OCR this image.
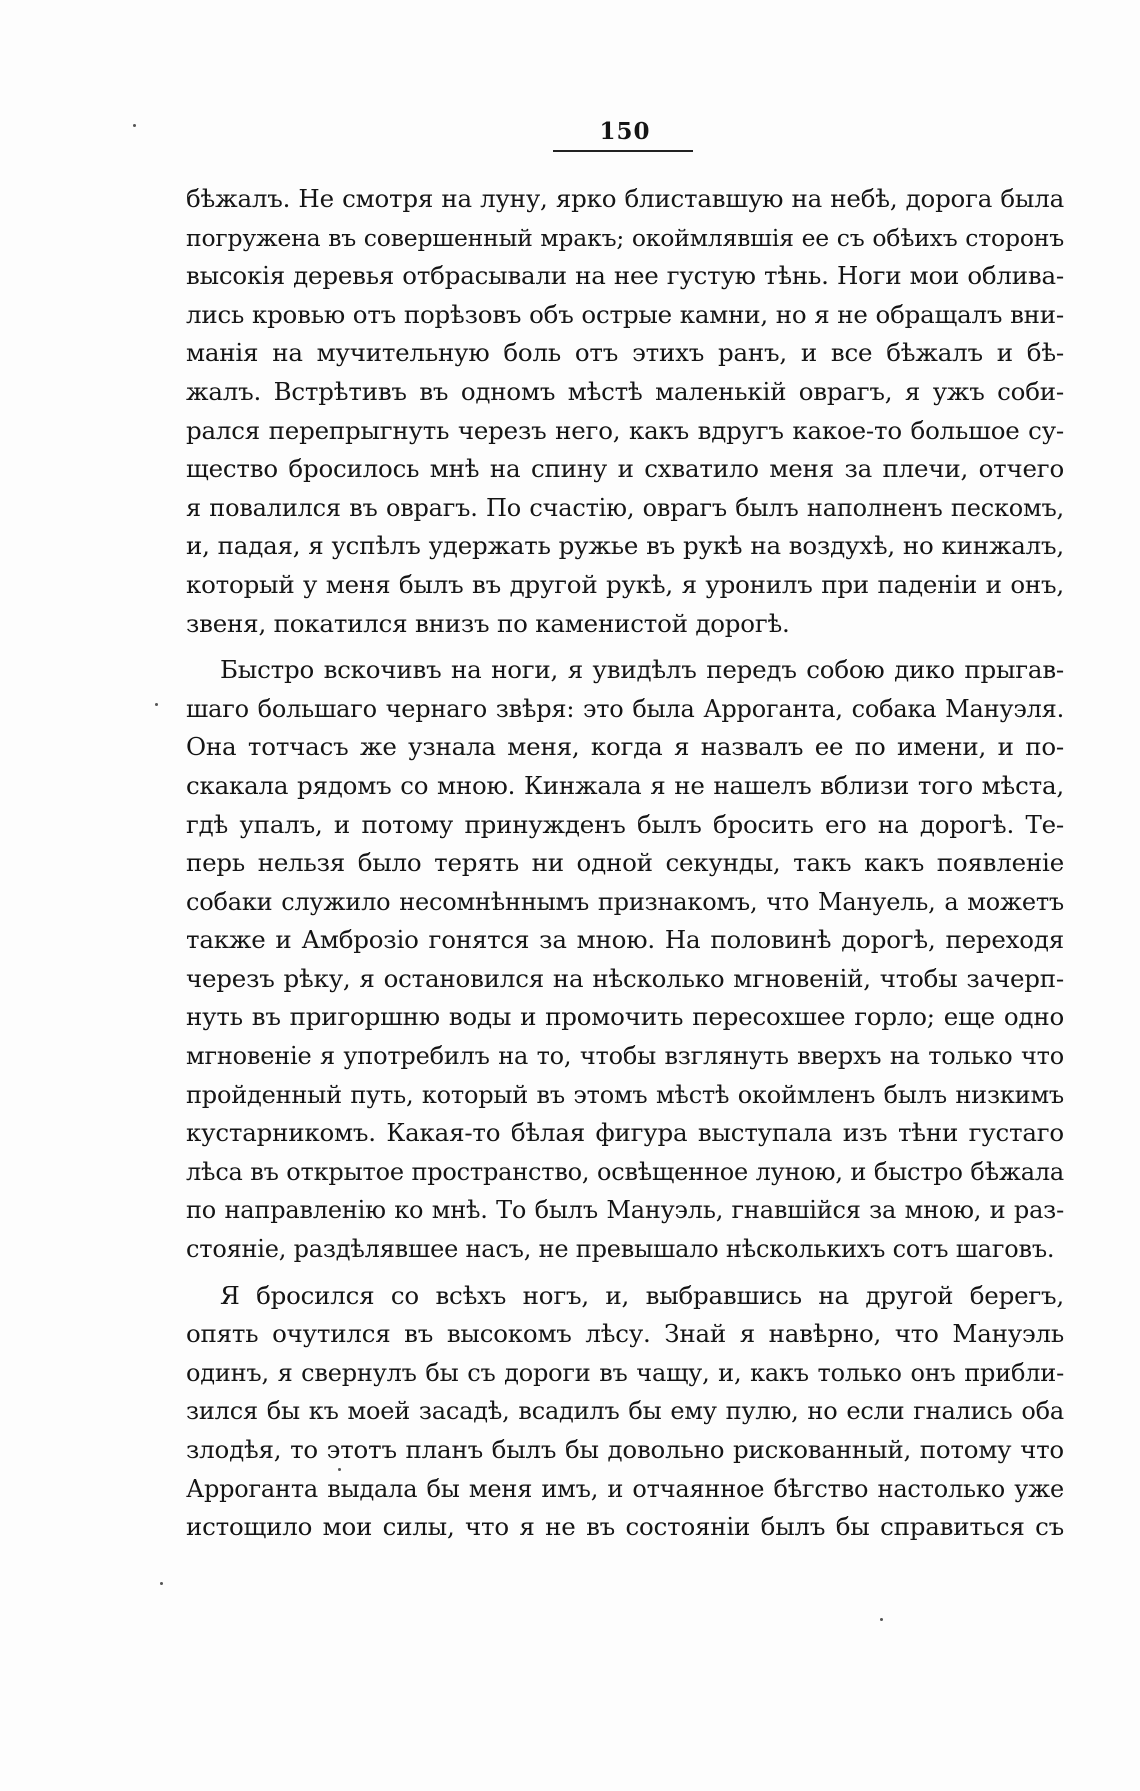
150
бѣжалъ. Не смотря на луну, ярко блиставшую на небѣ, дорога была
погружена въ совершенный мракъ; окоймлявшія ее съ обѣихъ сторонъ
высокія деревья отбрасывали на нее густую тѣнь. Ноги мои облива-
лись кровью отъ порѣзовъ объ острые камни, но я не обращалъ вни-
манія на мучительную боль отъ этихъ ранъ, и все бѣжалъ и бѣ-
жалъ. Встрѣтивъ въ одномъ мѣстѣ маленькій оврагъ, я ужъ соби-
рался перепрыгнуть черезъ него, какъ вдругъ какое-то большое су-
щество бросилось мнѣ на спину и схватило меня за плечи, отчего
я повалился въ оврагъ. По счастію, оврагъ былъ наполненъ пескомъ,
и, падая, я успѣлъ удержать ружье въ рукѣ на воздухѣ, но кинжалъ,
который у меня былъ въ другой рукѣ, я уронилъ при паденіи и онъ,
звеня, покатился внизъ по каменистой дорогѣ.
Быстро вскочивъ на ноги, я увидѣлъ передъ собою дико прыгав-
шаго большаго чернаго звѣря: это была Аррогантa, собака Мануэля.
Она тотчасъ же узнала меня, когда я назвалъ ее по имени, и по-
скакала рядомъ со мною. Кинжала я не нашелъ вблизи того мѣста,
гдѣ упалъ, и потому принужденъ былъ бросить его на дорогѣ. Те-
перь нельзя было терять ни одной секунды, такъ какъ появленіе
собаки служило несомнѣннымъ признакомъ, что Мануель, а можетъ
также и Амброзіо гонятся за мною. На половинѣ дорогѣ, переходя
черезъ рѣку, я остановился на нѣсколько мгновеній, чтобы зачерп-
нуть въ пригоршню воды и промочить пересохшее горло; еще одно
мгновеніе я употребилъ на то, чтобы взглянуть вверхъ на только что
пройденный путь, который въ этомъ мѣстѣ окоймленъ былъ низкимъ
кустарникомъ. Какая-то бѣлая фигура выступала изъ тѣни густаго
лѣса въ открытое пространство, освѣщенное луною, и быстро бѣжала
по направленію ко мнѣ. То былъ Мануэль, гнавшійся за мною, и раз-
стояніе, раздѣлявшее насъ, не превышало нѣсколькихъ сотъ шаговъ.
Я бросился со всѣхъ ногъ, и, выбравшись на другой берегъ,
опять очутился въ высокомъ лѣсу. Знай я навѣрно, что Мануэль
одинъ, я свернулъ бы съ дороги въ чащу, и, какъ только онъ прибли-
зился бы къ моей засадѣ, всадилъ бы ему пулю, но если гнались оба
злодѣя, то этотъ планъ былъ бы довольно рискованный, потому что
Аррогантa выдала бы меня имъ, и отчаянное бѣгство настолько уже
истощило мои силы, что я не въ состояніи былъ бы справиться съ
